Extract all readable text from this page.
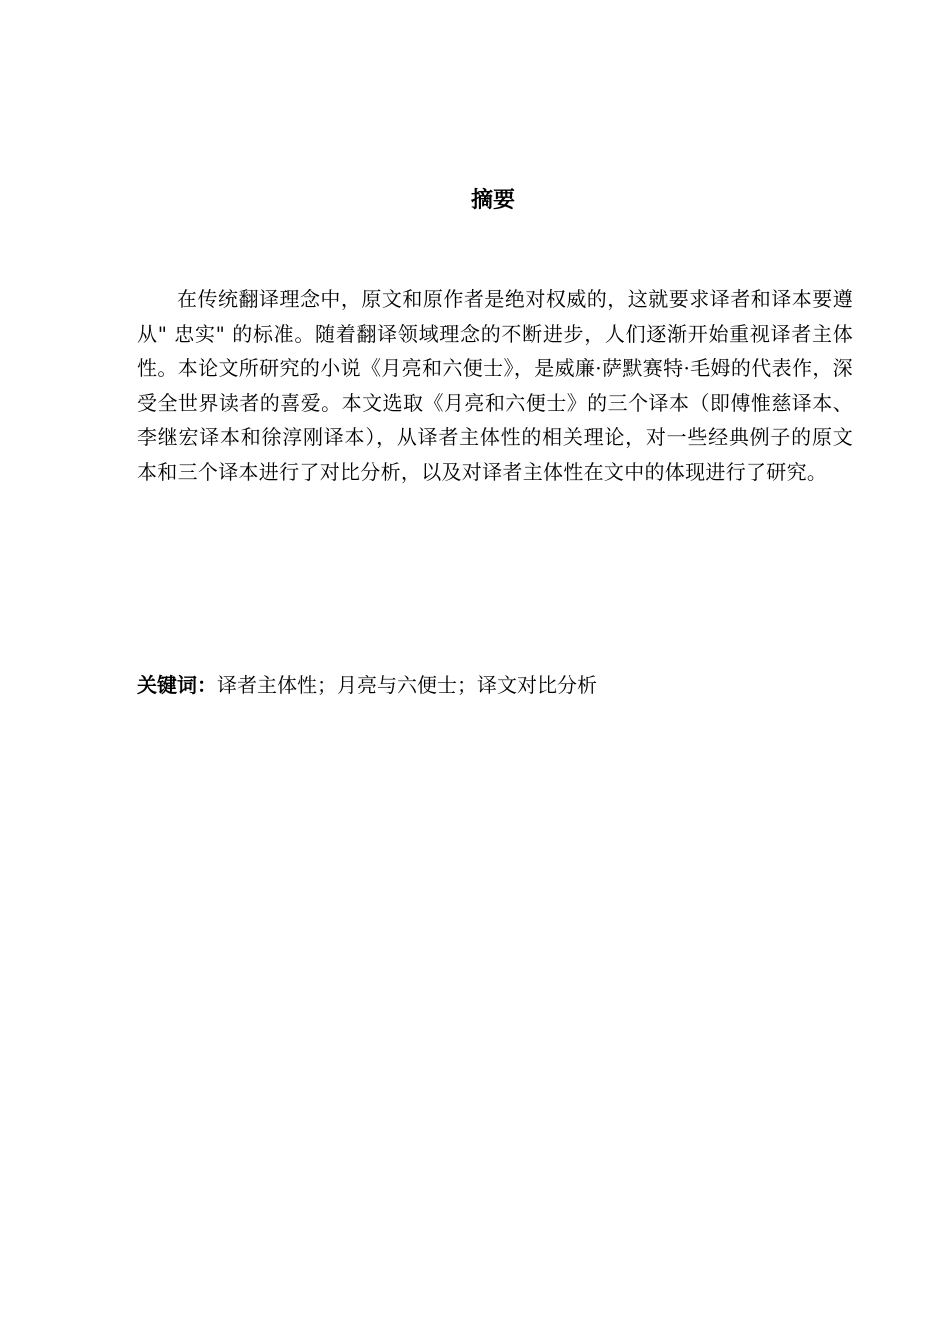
摘要

在传统翻译理念中，原文和原作者是绝对权威的，这就要求译者和译本要遵从" 忠实" 的标准。随着翻译领域理念的不断进步，人们逐渐开始重视译者主体性。本论文所研究的小说《月亮和六便士》，是威廉·萨默赛特·毛姆的代表作，深受全世界读者的喜爱。本文选取《月亮和六便士》的三个译本（即傅惟慈译本、李继宏译本和徐淳刚译本），从译者主体性的相关理论，对一些经典例子的原文本和三个译本进行了对比分析，以及对译者主体性在文中的体现进行了研究。

关键词：译者主体性；月亮与六便士；译文对比分析
